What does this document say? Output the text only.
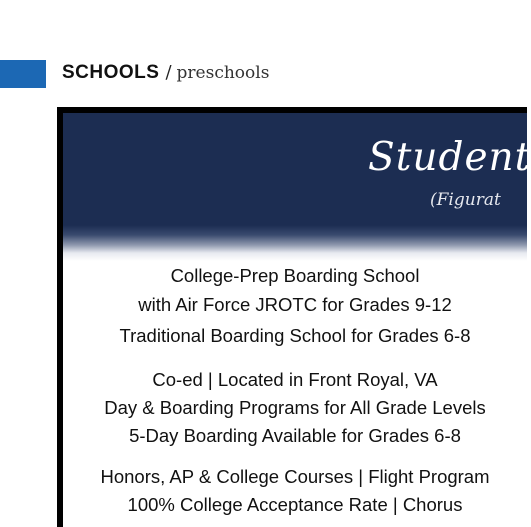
SCHOOLS / preschools
Student
(Figurat
College-Prep Boarding School
with Air Force JROTC for Grades 9-12
Traditional Boarding School for Grades 6-8
Co-ed | Located in Front Royal, VA
Day & Boarding Programs for All Grade Levels
5-Day Boarding Available for Grades 6-8
Honors, AP & College Courses | Flight Program
100% College Acceptance Rate | Chorus
